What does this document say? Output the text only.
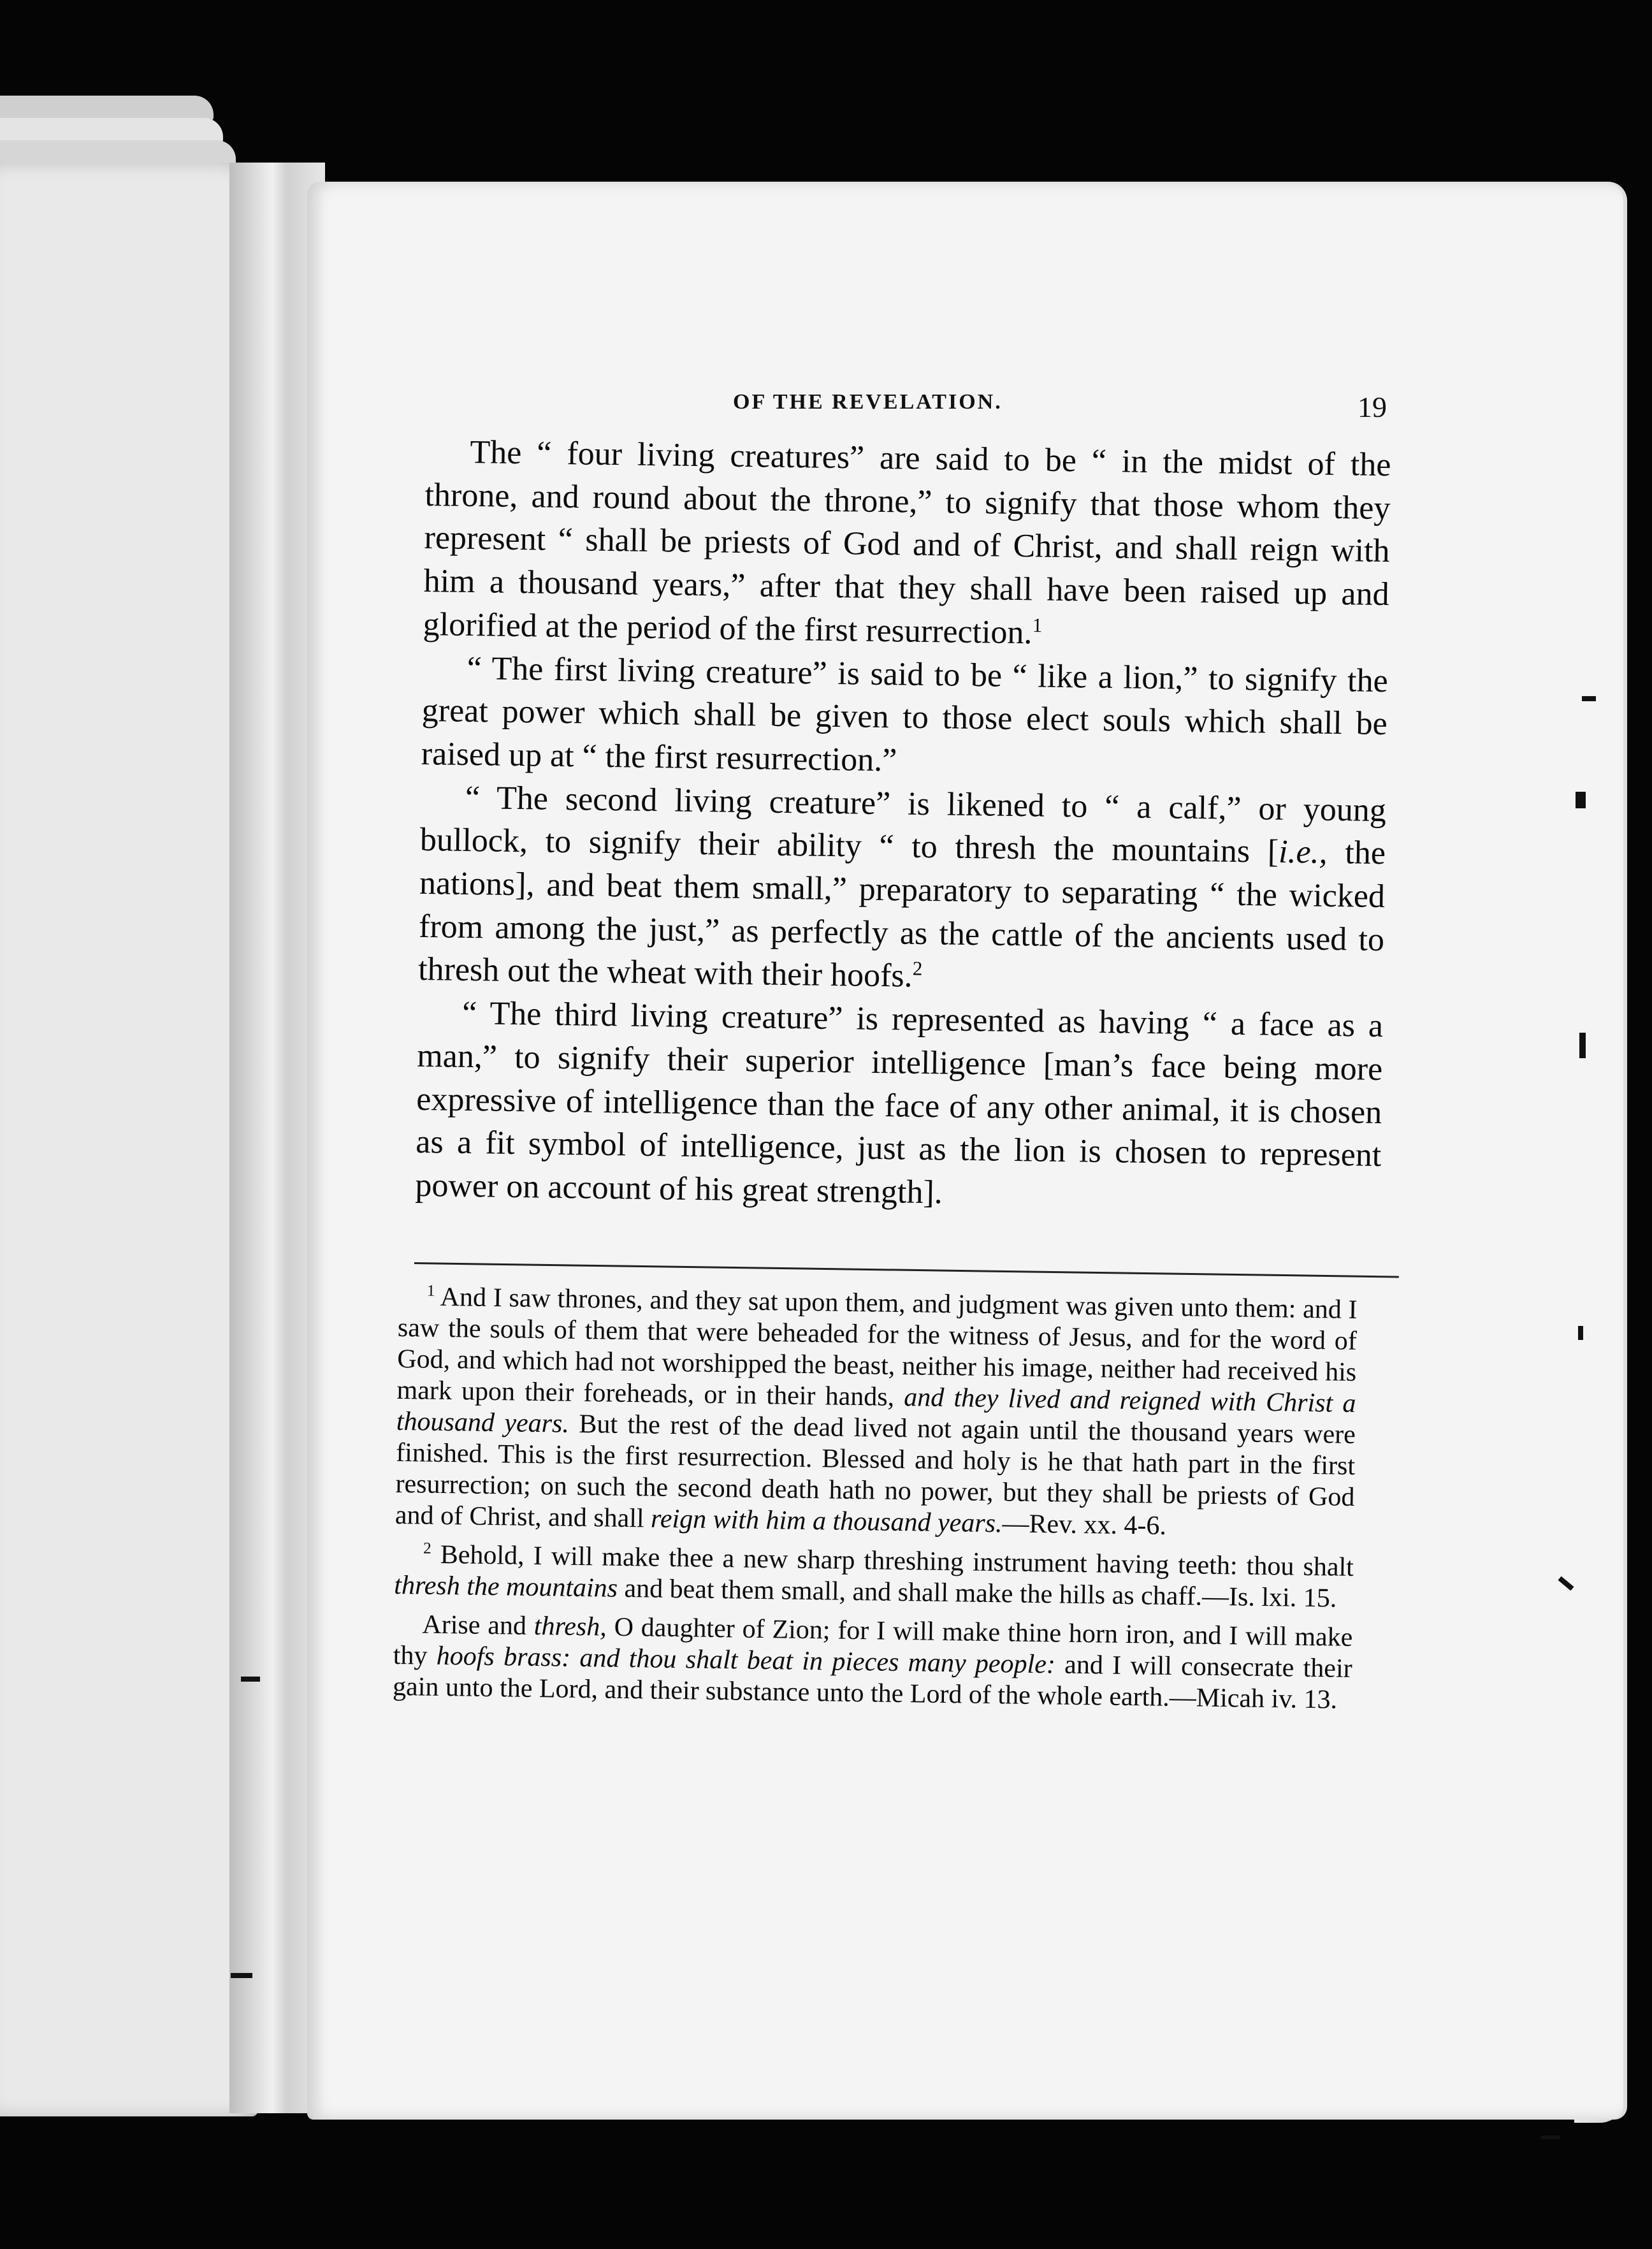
OF THE REVELATION.	19

The “ four living creatures” are said to be “ in the midst of the throne, and round about the throne,” to signify that those whom they represent “ shall be priests of God and of Christ, and shall reign with him a thousand years,” after that they shall have been raised up and glorified at the period of the first resurrection.$^1$

“ The first living creature” is said to be “ like a lion,” to signify the great power which shall be given to those elect souls which shall be raised up at “ the first resurrection.”

“ The second living creature” is likened to “ a calf,” or young bullock, to signify their ability “ to thresh the mountains [i.e., the nations], and beat them small,” preparatory to separating “ the wicked from among the just,” as perfectly as the cattle of the ancients used to thresh out the wheat with their hoofs.$^2$

“ The third living creature” is represented as having “ a face as a man,” to signify their superior intelligence [man’s face being more expressive of intelligence than the face of any other animal, it is chosen as a fit symbol of intelligence, just as the lion is chosen to represent power on account of his great strength].

$^1$ And I saw thrones, and they sat upon them, and judgment was given unto them: and I saw the souls of them that were beheaded for the witness of Jesus, and for the word of God, and which had not worshipped the beast, neither his image, neither had received his mark upon their foreheads, or in their hands, and they lived and reigned with Christ a thousand years. But the rest of the dead lived not again until the thousand years were finished. This is the first resurrection. Blessed and holy is he that hath part in the first resurrection; on such the second death hath no power, but they shall be priests of God and of Christ, and shall reign with him a thousand years.—Rev. xx. 4-6.

$^2$ Behold, I will make thee a new sharp threshing instrument having teeth: thou shalt thresh the mountains and beat them small, and shall make the hills as chaff.—Is. lxi. 15.

Arise and thresh, O daughter of Zion; for I will make thine horn iron, and I will make thy hoofs brass: and thou shalt beat in pieces many people: and I will consecrate their gain unto the Lord, and their substance unto the Lord of the whole earth.—Micah iv. 13.
